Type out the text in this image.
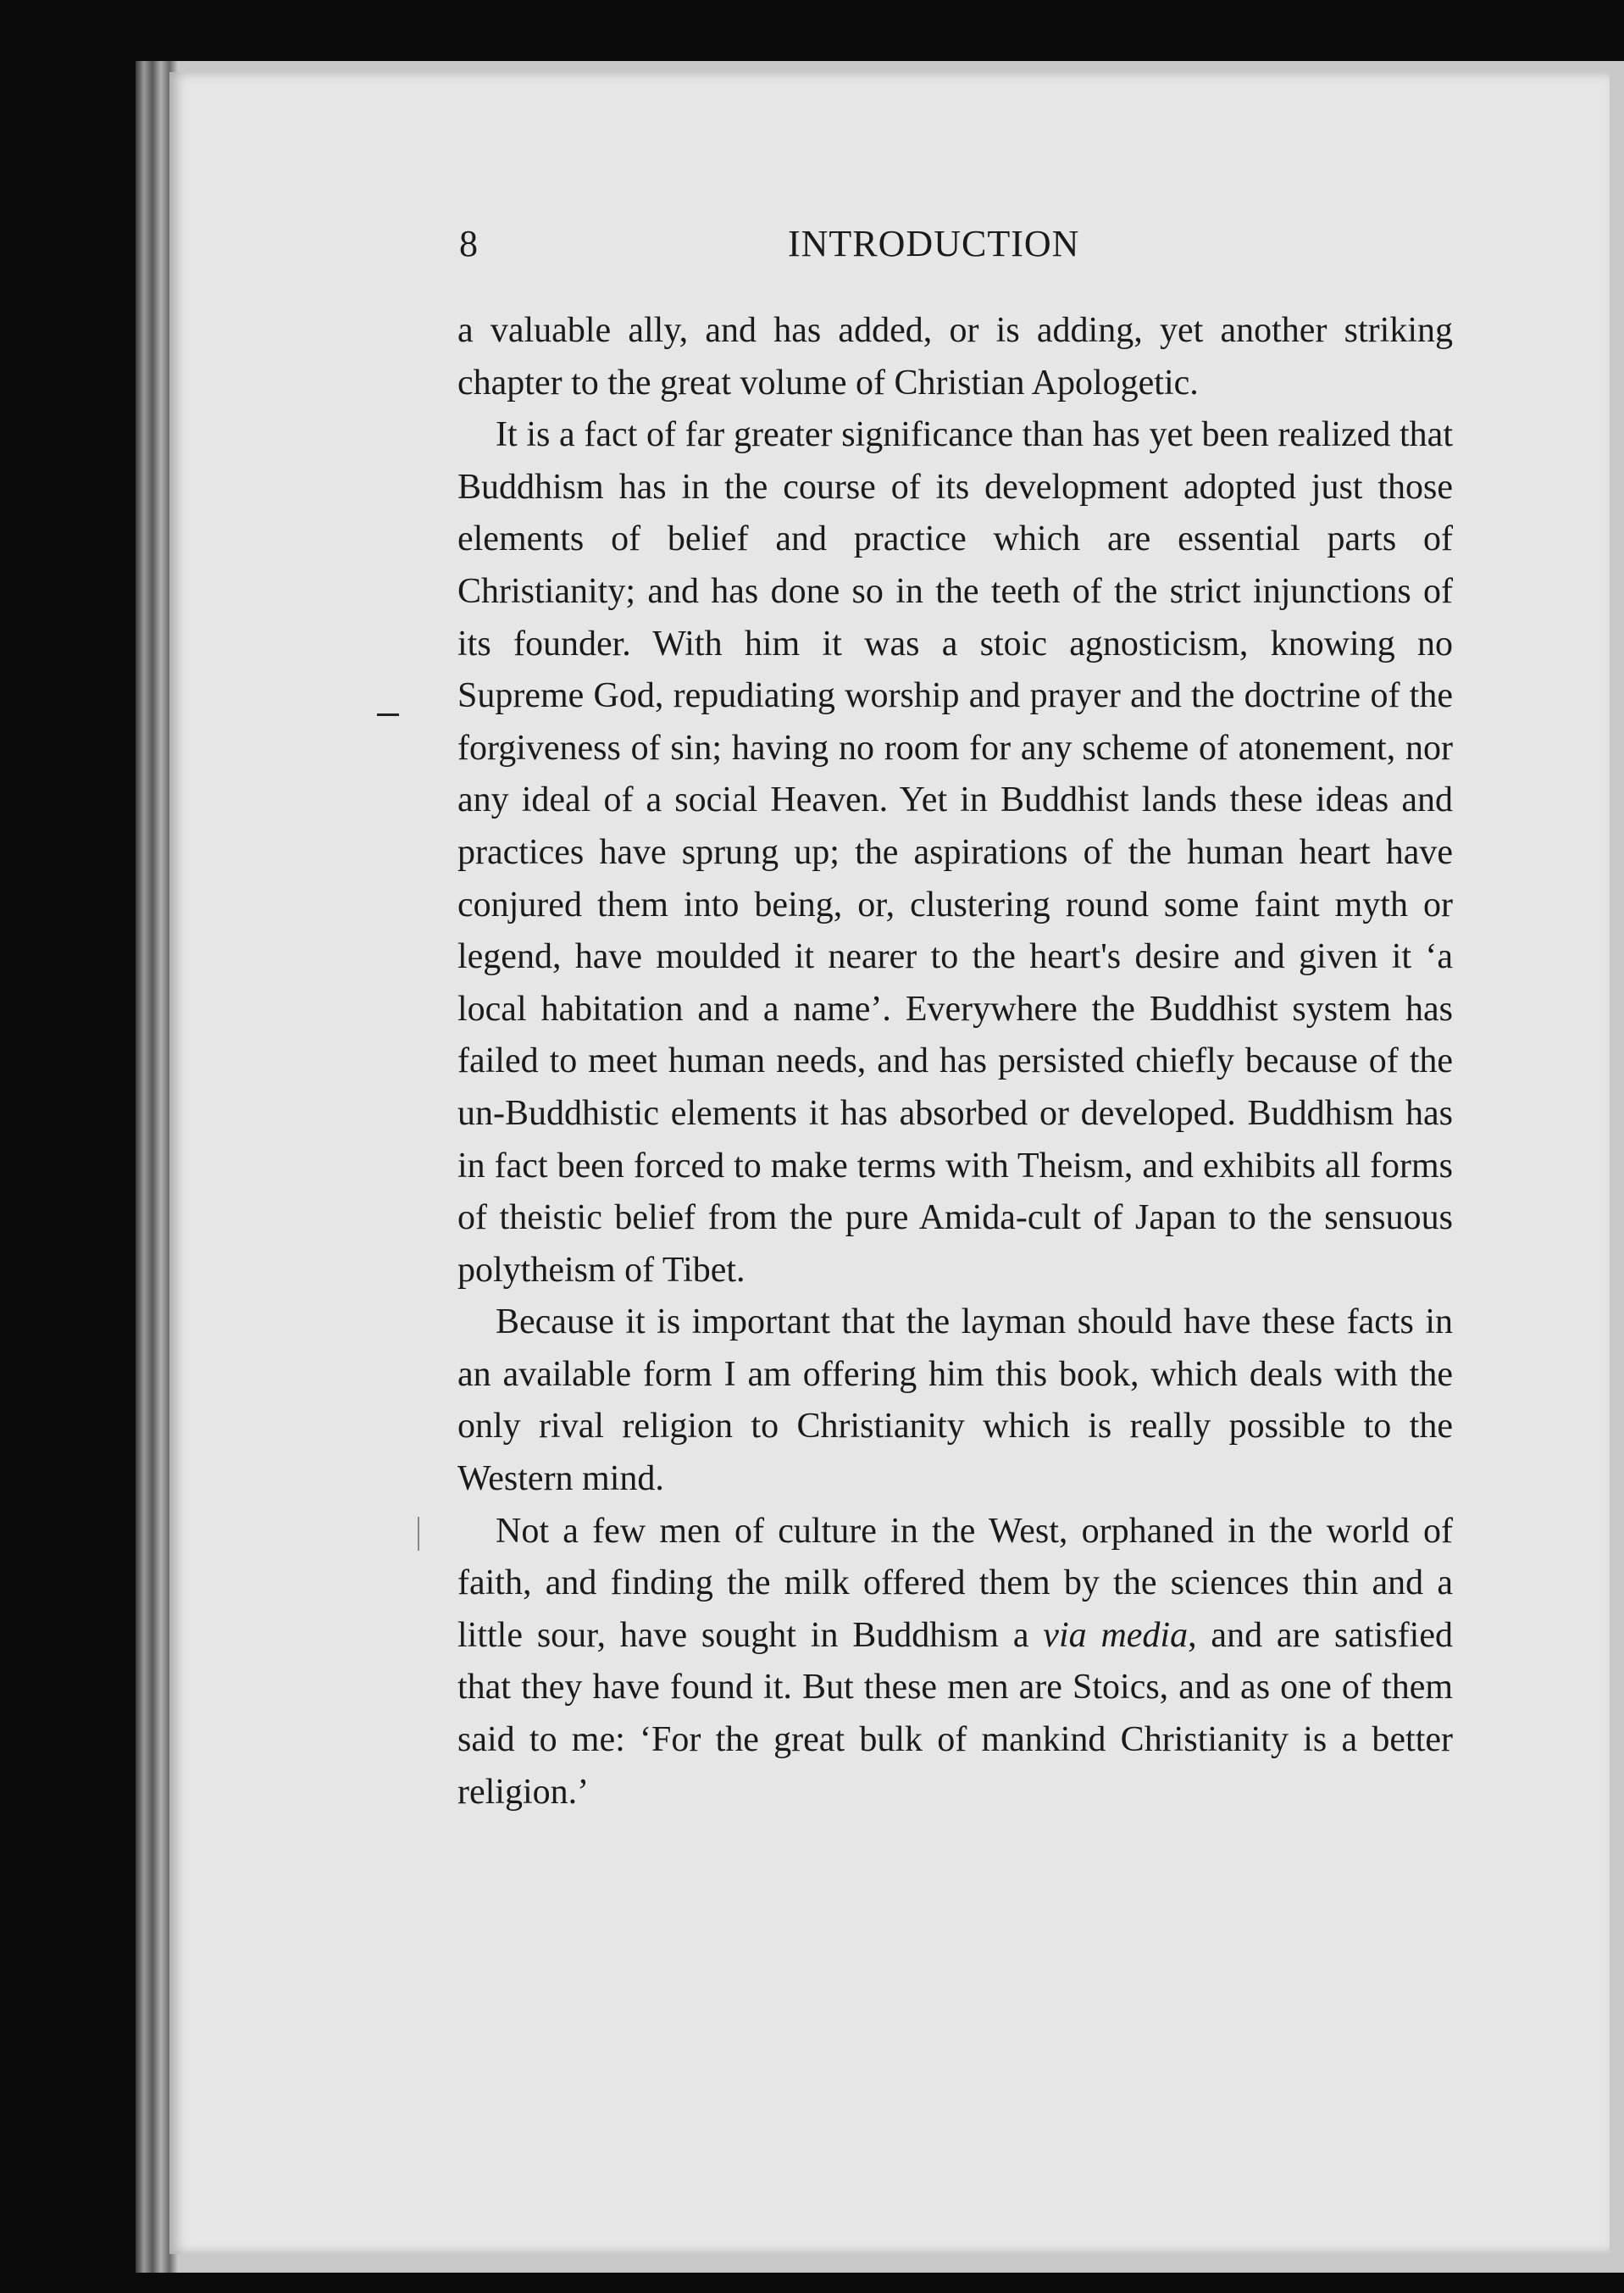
8	INTRODUCTION

a valuable ally, and has added, or is adding, yet another striking chapter to the great volume of Christian Apologetic.

It is a fact of far greater significance than has yet been realized that Buddhism has in the course of its development adopted just those elements of belief and practice which are essential parts of Christianity; and has done so in the teeth of the strict injunctions of its founder. With him it was a stoic agnosticism, knowing no Supreme God, repudiating worship and prayer and the doctrine of the forgiveness of sin; having no room for any scheme of atonement, nor any ideal of a social Heaven. Yet in Buddhist lands these ideas and practices have sprung up; the aspirations of the human heart have conjured them into being, or, clustering round some faint myth or legend, have moulded it nearer to the heart's desire and given it ‘a local habitation and a name’. Everywhere the Buddhist system has failed to meet human needs, and has persisted chiefly because of the un-Buddhistic elements it has absorbed or developed. Buddhism has in fact been forced to make terms with Theism, and exhibits all forms of theistic belief from the pure Amida-cult of Japan to the sensuous polytheism of Tibet.

Because it is important that the layman should have these facts in an available form I am offering him this book, which deals with the only rival religion to Christianity which is really possible to the Western mind.

Not a few men of culture in the West, orphaned in the world of faith, and finding the milk offered them by the sciences thin and a little sour, have sought in Buddhism a via media, and are satisfied that they have found it. But these men are Stoics, and as one of them said to me: ‘For the great bulk of mankind Christianity is a better religion.’
